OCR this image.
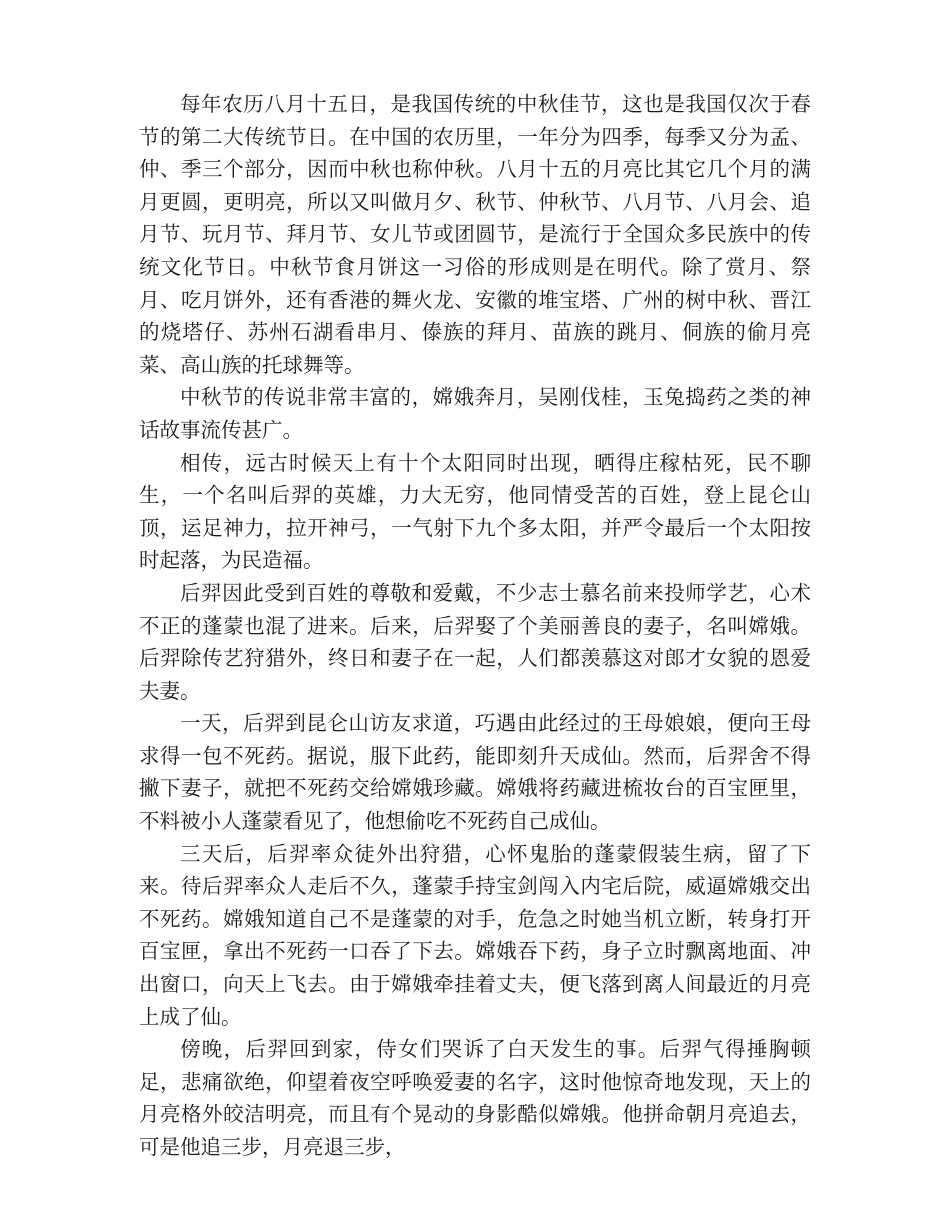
每年农历八月十五日，是我国传统的中秋佳节，这也是我国仅次于春节的第二大传统节日。在中国的农历里，一年分为四季，每季又分为孟、仲、季三个部分，因而中秋也称仲秋。八月十五的月亮比其它几个月的满月更圆，更明亮，所以又叫做月夕、秋节、仲秋节、八月节、八月会、追月节、玩月节、拜月节、女儿节或团圆节，是流行于全国众多民族中的传统文化节日。中秋节食月饼这一习俗的形成则是在明代。除了赏月、祭月、吃月饼外，还有香港的舞火龙、安徽的堆宝塔、广州的树中秋、晋江的烧塔仔、苏州石湖看串月、傣族的拜月、苗族的跳月、侗族的偷月亮菜、高山族的托球舞等。

中秋节的传说非常丰富的，嫦娥奔月，吴刚伐桂，玉兔捣药之类的神话故事流传甚广。

相传，远古时候天上有十个太阳同时出现，晒得庄稼枯死，民不聊生，一个名叫后羿的英雄，力大无穷，他同情受苦的百姓，登上昆仑山顶，运足神力，拉开神弓，一气射下九个多太阳，并严令最后一个太阳按时起落，为民造福。

后羿因此受到百姓的尊敬和爱戴，不少志士慕名前来投师学艺，心术不正的蓬蒙也混了进来。后来，后羿娶了个美丽善良的妻子，名叫嫦娥。后羿除传艺狩猎外，终日和妻子在一起，人们都羡慕这对郎才女貌的恩爱夫妻。

一天，后羿到昆仑山访友求道，巧遇由此经过的王母娘娘，便向王母求得一包不死药。据说，服下此药，能即刻升天成仙。然而，后羿舍不得撇下妻子，就把不死药交给嫦娥珍藏。嫦娥将药藏进梳妆台的百宝匣里，不料被小人蓬蒙看见了，他想偷吃不死药自己成仙。

三天后，后羿率众徒外出狩猎，心怀鬼胎的蓬蒙假装生病，留了下来。待后羿率众人走后不久，蓬蒙手持宝剑闯入内宅后院，威逼嫦娥交出不死药。嫦娥知道自己不是蓬蒙的对手，危急之时她当机立断，转身打开百宝匣，拿出不死药一口吞了下去。嫦娥吞下药，身子立时飘离地面、冲出窗口，向天上飞去。由于嫦娥牵挂着丈夫，便飞落到离人间最近的月亮上成了仙。

傍晚，后羿回到家，侍女们哭诉了白天发生的事。后羿气得捶胸顿足，悲痛欲绝，仰望着夜空呼唤爱妻的名字，这时他惊奇地发现，天上的月亮格外皎洁明亮，而且有个晃动的身影酷似嫦娥。他拼命朝月亮追去，可是他追三步，月亮退三步，
